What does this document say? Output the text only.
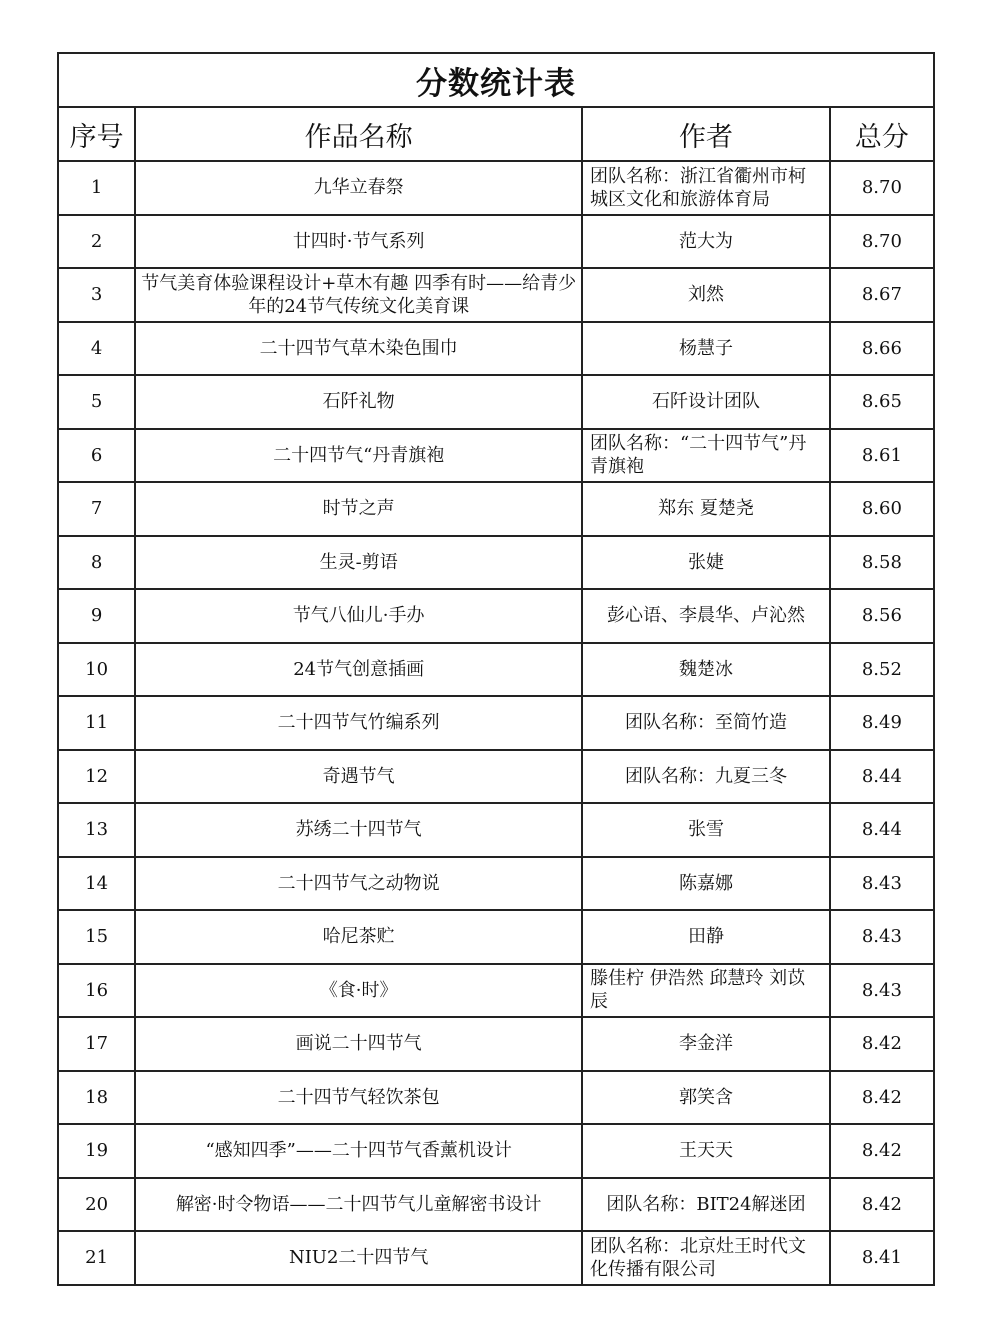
分数统计表			
序号	作品名称	作者	总分
1	九华立春祭	团队名称：浙江省衢州市柯城区文化和旅游体育局	8.70
2	廿四时·节气系列	范大为	8.70
3	节气美育体验课程设计+草木有趣 四季有时——给青少年的24节气传统文化美育课	刘然	8.67
4	二十四节气草木染色围巾	杨慧子	8.66
5	石阡礼物	石阡设计团队	8.65
6	二十四节气“丹青旗袍	团队名称：“二十四节气”丹青旗袍	8.61
7	时节之声	郑东 夏楚尧	8.60
8	生灵-剪语	张婕	8.58
9	节气八仙儿·手办	彭心语、李晨华、卢沁然	8.56
10	24节气创意插画	魏楚冰	8.52
11	二十四节气竹编系列	团队名称：至简竹造	8.49
12	奇遇节气	团队名称：九夏三冬	8.44
13	苏绣二十四节气	张雪	8.44
14	二十四节气之动物说	陈嘉娜	8.43
15	哈尼茶贮	田静	8.43
16	《食·时》	滕佳柠 伊浩然 邱慧玲 刘苡辰	8.43
17	画说二十四节气	李金洋	8.42
18	二十四节气轻饮茶包	郭笑含	8.42
19	“感知四季”——二十四节气香薰机设计	王天天	8.42
20	解密·时令物语——二十四节气儿童解密书设计	团队名称：BIT24解迷团	8.42
21	NIU2二十四节气	团队名称：北京灶王时代文化传播有限公司	8.41
